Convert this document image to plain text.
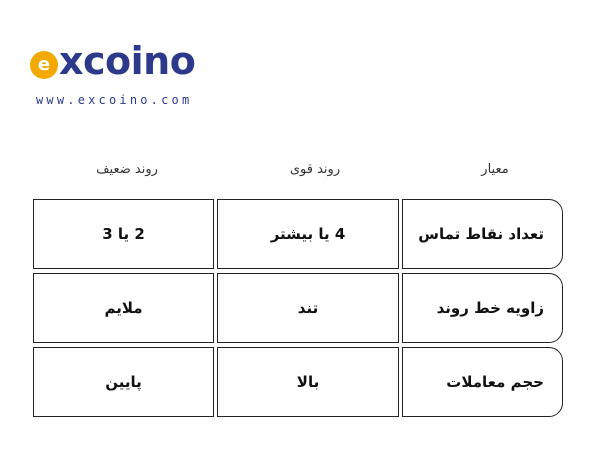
e xcoino
www.excoino.com
معیار
روند قوی
روند ضعیف
تعداد نقاط تماس
4 یا بیشتر
2 یا 3
زاویه خط روند
تند
ملایم
حجم معاملات
بالا
پایین
